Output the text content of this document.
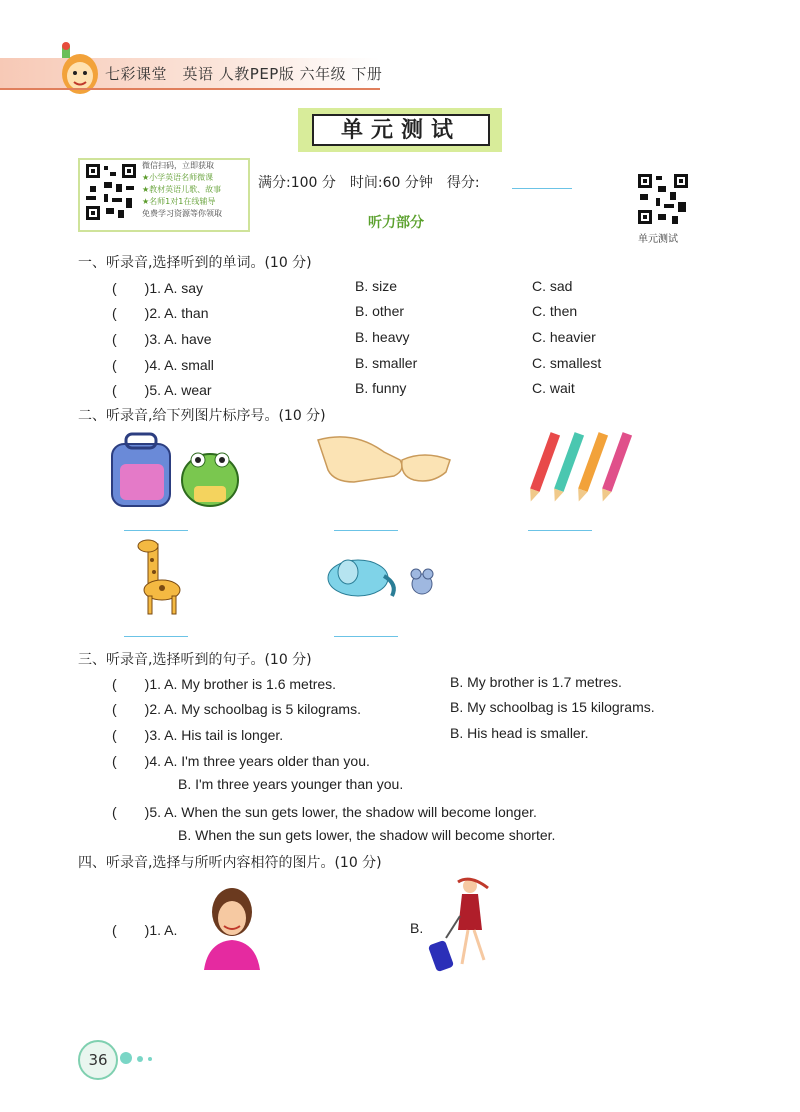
七彩课堂　英语 人教PEP版 六年级 下册
单元测试
微信扫码，立即获取
★小学英语名师微课
★教材英语儿歌、故事
★名师1对1在线辅导
免费学习资源等你领取
满分:100 分　时间:60 分钟　得分:
听力部分
单元测试
一、听录音,选择听到的单词。(10 分)
(　　)1. A. say	B. size	C. sad
(　　)2. A. than	B. other	C. then
(　　)3. A. have	B. heavy	C. heavier
(　　)4. A. small	B. smaller	C. smallest
(　　)5. A. wear	B. funny	C. wait
二、听录音,给下列图片标序号。(10 分)
三、听录音,选择听到的句子。(10 分)
(　　)1. A. My brother is 1.6 metres.	B. My brother is 1.7 metres.
(　　)2. A. My schoolbag is 5 kilograms.	B. My schoolbag is 15 kilograms.
(　　)3. A. His tail is longer.	B. His head is smaller.
(　　)4. A. I'm three years older than you.
B. I'm three years younger than you.
(　　)5. A. When the sun gets lower, the shadow will become longer.
B. When the sun gets lower, the shadow will become shorter.
四、听录音,选择与所听内容相符的图片。(10 分)
(　　)1. A.	B.
36
